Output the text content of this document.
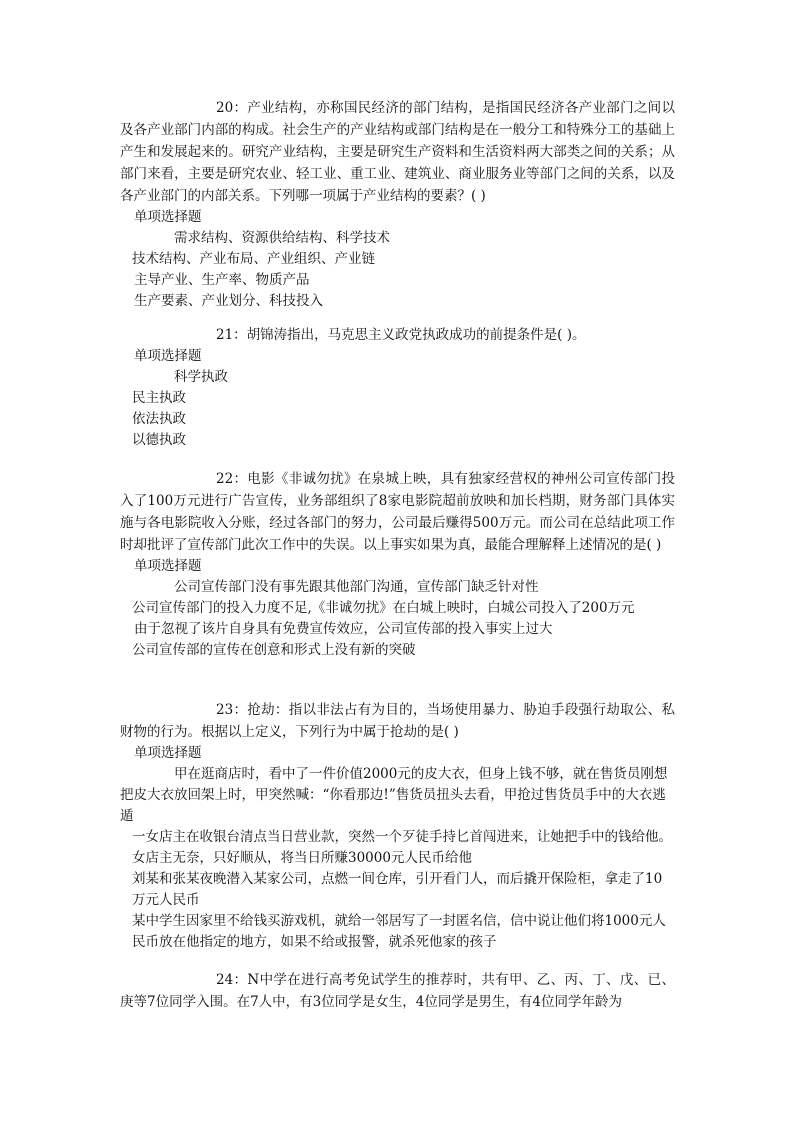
20：产业结构，亦称国民经济的部门结构，是指国民经济各产业部门之间以及各产业部门内部的构成。社会生产的产业结构或部门结构是在一般分工和特殊分工的基础上产生和发展起来的。研究产业结构，主要是研究生产资料和生活资料两大部类之间的关系；从部门来看，主要是研究农业、轻工业、重工业、建筑业、商业服务业等部门之间的关系，以及各产业部门的内部关系。下列哪一项属于产业结构的要素？( )

单项选择题

需求结构、资源供给结构、科学技术

技术结构、产业布局、产业组织、产业链

主导产业、生产率、物质产品

生产要素、产业划分、科技投入

21：胡锦涛指出，马克思主义政党执政成功的前提条件是( )。

单项选择题

科学执政

民主执政

依法执政

以德执政

22：电影《非诚勿扰》在泉城上映，具有独家经营权的神州公司宣传部门投入了100万元进行广告宣传，业务部组织了8家电影院超前放映和加长档期，财务部门具体实施与各电影院收入分账，经过各部门的努力，公司最后赚得500万元。而公司在总结此项工作时却批评了宣传部门此次工作中的失误。以上事实如果为真，最能合理解释上述情况的是( )

单项选择题

公司宣传部门没有事先跟其他部门沟通，宣传部门缺乏针对性

公司宣传部门的投入力度不足,《非诚勿扰》在白城上映时，白城公司投入了200万元

由于忽视了该片自身具有免费宣传效应，公司宣传部的投入事实上过大

公司宣传部的宣传在创意和形式上没有新的突破

23：抢劫：指以非法占有为目的，当场使用暴力、胁迫手段强行劫取公、私财物的行为。根据以上定义，下列行为中属于抢劫的是( )

单项选择题

甲在逛商店时，看中了一件价值2000元的皮大衣，但身上钱不够，就在售货员刚想把皮大衣放回架上时，甲突然喊：“你看那边!”售货员扭头去看，甲抢过售货员手中的大衣逃遁

一女店主在收银台清点当日营业款，突然一个歹徒手持匕首闯进来，让她把手中的钱给他。女店主无奈，只好顺从，将当日所赚30000元人民币给他

刘某和张某夜晚潜入某家公司，点燃一间仓库，引开看门人，而后撬开保险柜，拿走了10万元人民币

某中学生因家里不给钱买游戏机，就给一邻居写了一封匿名信，信中说让他们将1000元人民币放在他指定的地方，如果不给或报警，就杀死他家的孩子

24：N中学在进行高考免试学生的推荐时，共有甲、乙、丙、丁、戊、已、庚等7位同学入围。在7人中，有3位同学是女生，4位同学是男生，有4位同学年龄为
